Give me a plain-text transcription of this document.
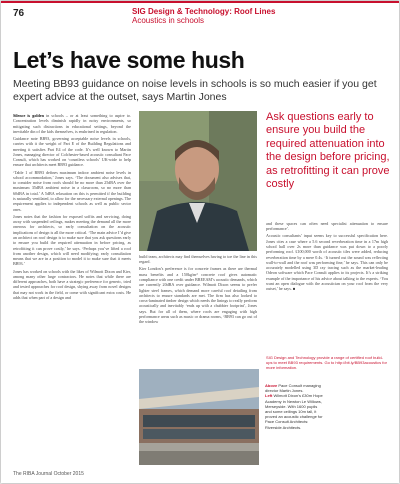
76	SIG Design & Technology: Roof Lines
Acoustics in schools
Let’s have some hush

Meeting BB93 guidance on noise levels in schools is so much easier if you get expert advice at the outset, says Martin Jones

Silence is golden in schools – or at least something to aspire to. Concentration levels diminish rapidly in noisy environments, so mitigating such distractions in educational settings, beyond the inevitable din of the kids themselves, is enshrined in regulation.

Guidance note BB93, governing acceptable noise levels in schools, carries with it the weight of Part E of the Building Regulations and meeting it satisfies Part E4 of the code. It’s well known to Martin Jones, managing director of Colchester-based acoustic consultant Pace Consult, which has worked on ‘countless schools’ UK-wide to help ensure that architects meet BB93 guidance.

‘Table 1 of BB93 defines maximum indoor ambient noise levels in school accommodation,’ Jones says. ‘The document also advises that, to consider noise from roofs should be no more than 25dBA over the maximum 35dBA ambient noise in a classroom, so no more than 60dBA in total.’ A 5dBA relaxation on this is permitted if the building is naturally ventilated, to allow for the necessary external openings. The requirement applies to independent schools as well as public sector ones.

Jones notes that the fashion for exposed soffits and servicing, doing away with suspended ceilings, makes meeting the demand all the more onerous for architects, so early consultation on the acoustic implications of design is all the more critical. ‘The main advice I’d give an architect on roof design is to make sure that you ask questions early to ensure you build the required attenuation in before pricing, as retrofitting it can prove costly,’ he says. ‘Perhaps you’ve lifted a roof from another design, which will need modifying; early consultation means that we are in a position to model it to make sure that it meets BB93.’

Jones has worked on schools with the likes of Wilmott Dixon and Kier, among many other large contractors. He notes that while there are different approaches, both have a strategic preference for generic, tried and tested approaches for roof design, shying away from novel designs that may not work in the field, or come with significant extra costs. He adds that when part of a design and

build team, architects may find themselves having to toe the line in this regard.

Kier London’s preference is for concrete frames as there are thermal mass benefits and a 150kg/m² concrete roof gives automatic compliance with one credit under BREEAM’s acoustic demands, which are currently 20dBA over guidance. Wilmott Dixon seems to prefer lighter steel frames, which demand more careful roof detailing from architects to ensure standards are met. The firm has also looked to cross-laminated timber design which needs the linings to really perform acoustically and inevitably ‘ends up with a chubbier footprint’, Jones says. But for all of them, where roofs are engaging with high performance areas such as music or drama rooms, ‘BB93 can go out of the window

Ask questions early to ensure you build the required attenuation into the design before pricing, as retrofitting it can prove costly

and these spaces can often need specialist attenuation to ensure performance’.

Acoustic consultants’ input seems key to successful specification here. Jones cites a case where a 5.6 second reverberation time in a 17m high school hall over 2s more than guidance was put down to a poorly performing roof. £100,000 worth of acoustic tiles were added, reducing reverberation time by a mere 0.4s. ‘It turned out the sound was reflecting wall-to-wall and the roof was performing fine,’ he says. This can only be accurately modelled using 3D ray tracing such as the market-leading Odeon software which Pace Consult applies to its projects. It’s a striking example of the importance of his advice about talking to the experts. ‘You want an open dialogue with the acoustician on your roof from the very outset,’ he says. ■

SIG Design and Technology provide a range of certified roof build-ups to meet BB93 requirements. Go to http://bit.ly/BB93acoustics for more information.
Above Pace Consult managing director Martin Jones.
Left Wilmott Dixon’s £30m Hope Academy in Newton Le Willows, Merseyside. With 1600 pupils and some ceilings 10m tall, it proved an acoustic challenge for Pace Consult Architects: Riverside Architects.
The RIBA Journal October 2015
